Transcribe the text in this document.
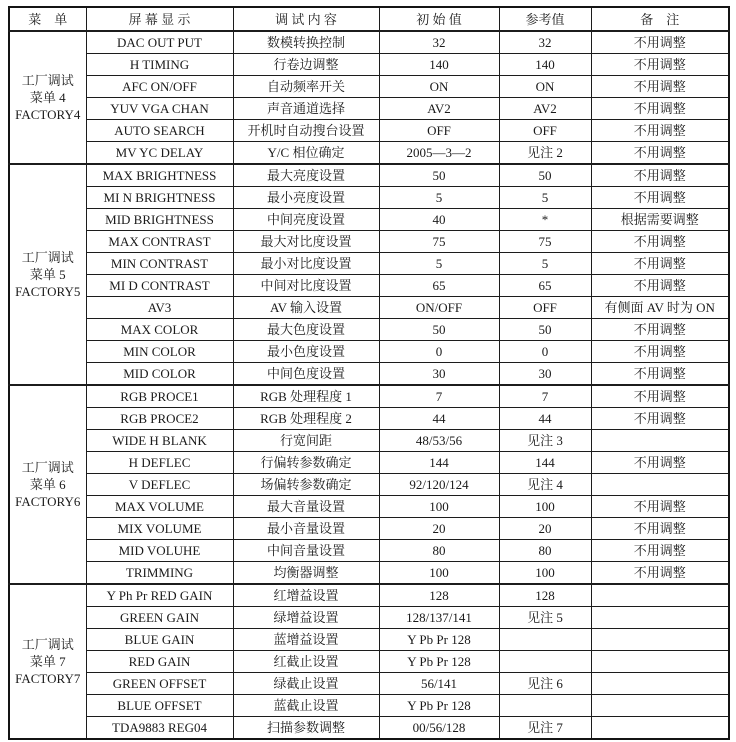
菜　单	屏 幕 显 示	调 试 内 容	初 始 值	参考值	备　注

工厂调试
菜单 4
FACTORY4	DAC OUT PUT	数模转换控制	32	32	不用调整
	H TIMING	行卷边调整	140	140	不用调整
	AFC ON/OFF	自动频率开关	ON	ON	不用调整
	YUV VGA CHAN	声音通道选择	AV2	AV2	不用调整
	AUTO SEARCH	开机时自动搜台设置	OFF	OFF	不用调整
	MV YC DELAY	Y/C 相位确定	2005—3—2	见注 2	不用调整

工厂调试
菜单 5
FACTORY5	MAX BRIGHTNESS	最大亮度设置	50	50	不用调整
	MI N BRIGHTNESS	最小亮度设置	5	5	不用调整
	MID BRIGHTNESS	中间亮度设置	40	*	根据需要调整
	MAX CONTRAST	最大对比度设置	75	75	不用调整
	MIN CONTRAST	最小对比度设置	5	5	不用调整
	MI D CONTRAST	中间对比度设置	65	65	不用调整
	AV3	AV 输入设置	ON/OFF	OFF	有侧面 AV 时为 ON
	MAX COLOR	最大色度设置	50	50	不用调整
	MIN COLOR	最小色度设置	0	0	不用调整
	MID COLOR	中间色度设置	30	30	不用调整

工厂调试
菜单 6
FACTORY6	RGB PROCE1	RGB 处理程度 1	7	7	不用调整
	RGB PROCE2	RGB 处理程度 2	44	44	不用调整
	WIDE H BLANK	行宽间距	48/53/56	见注 3	
	H DEFLEC	行偏转参数确定	144	144	不用调整
	V DEFLEC	场偏转参数确定	92/120/124	见注 4	
	MAX VOLUME	最大音量设置	100	100	不用调整
	MIX VOLUME	最小音量设置	20	20	不用调整
	MID VOLUHE	中间音量设置	80	80	不用调整
	TRIMMING	均衡器调整	100	100	不用调整

工厂调试
菜单 7
FACTORY7	Y Ph Pr RED GAIN	红增益设置	128	128	
	GREEN GAIN	绿增益设置	128/137/141	见注 5	
	BLUE GAIN	蓝增益设置	Y Pb Pr 128		
	RED GAIN	红截止设置	Y Pb Pr 128		
	GREEN OFFSET	绿截止设置	56/141	见注 6	
	BLUE OFFSET	蓝截止设置	Y Pb Pr 128		
	TDA9883 REG04	扫描参数调整	00/56/128	见注 7	
